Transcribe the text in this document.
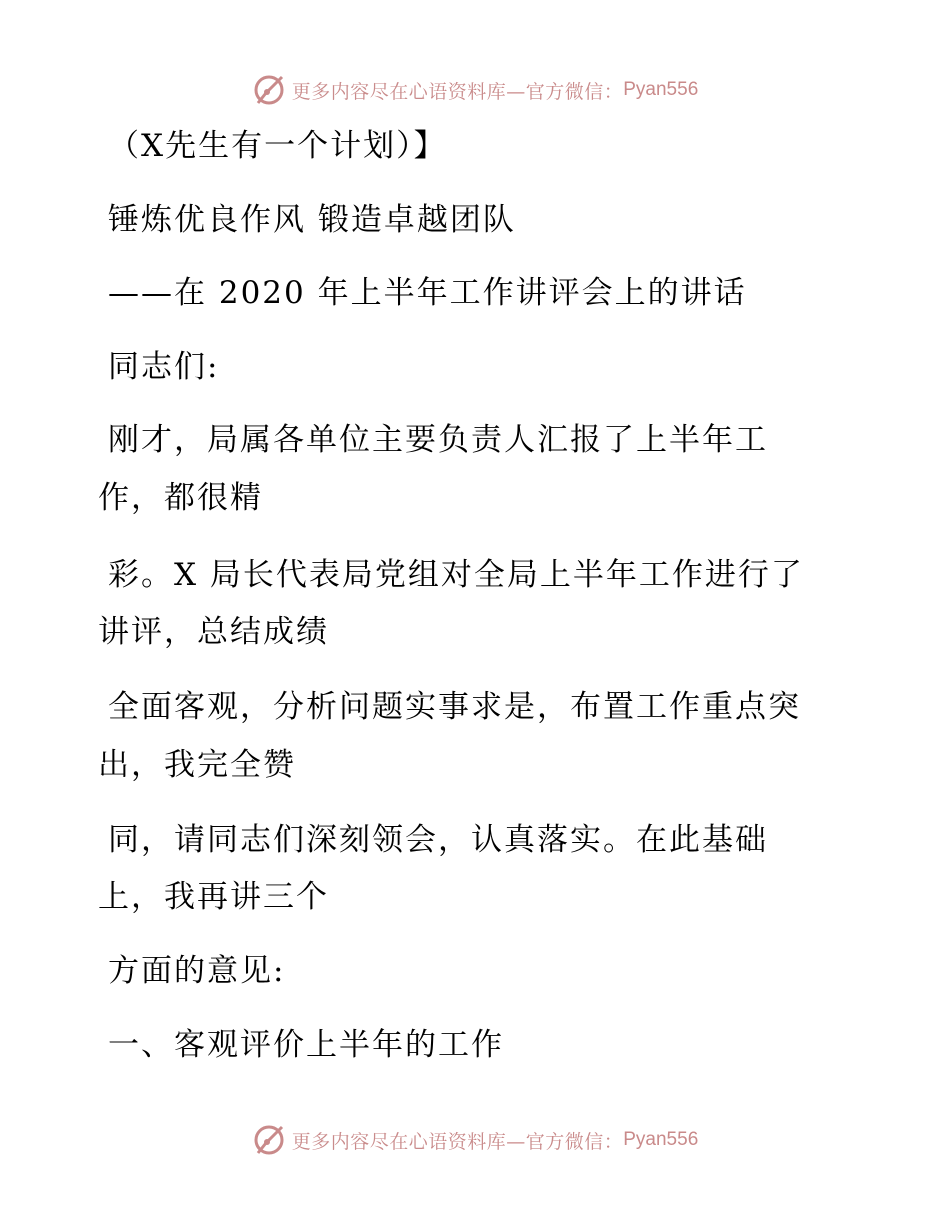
更多内容尽在心语资料库—官方微信： Pyan556
（X先生有一个计划）】
锤炼优良作风 锻造卓越团队
——在 2020 年上半年工作讲评会上的讲话
同志们:
刚才，局属各单位主要负责人汇报了上半年工
作，都很精
彩。X 局长代表局党组对全局上半年工作进行了
讲评，总结成绩
全面客观，分析问题实事求是，布置工作重点突
出，我完全赞
同，请同志们深刻领会，认真落实。在此基础
上，我再讲三个
方面的意见:
一、客观评价上半年的工作
更多内容尽在心语资料库—官方微信： Pyan556
